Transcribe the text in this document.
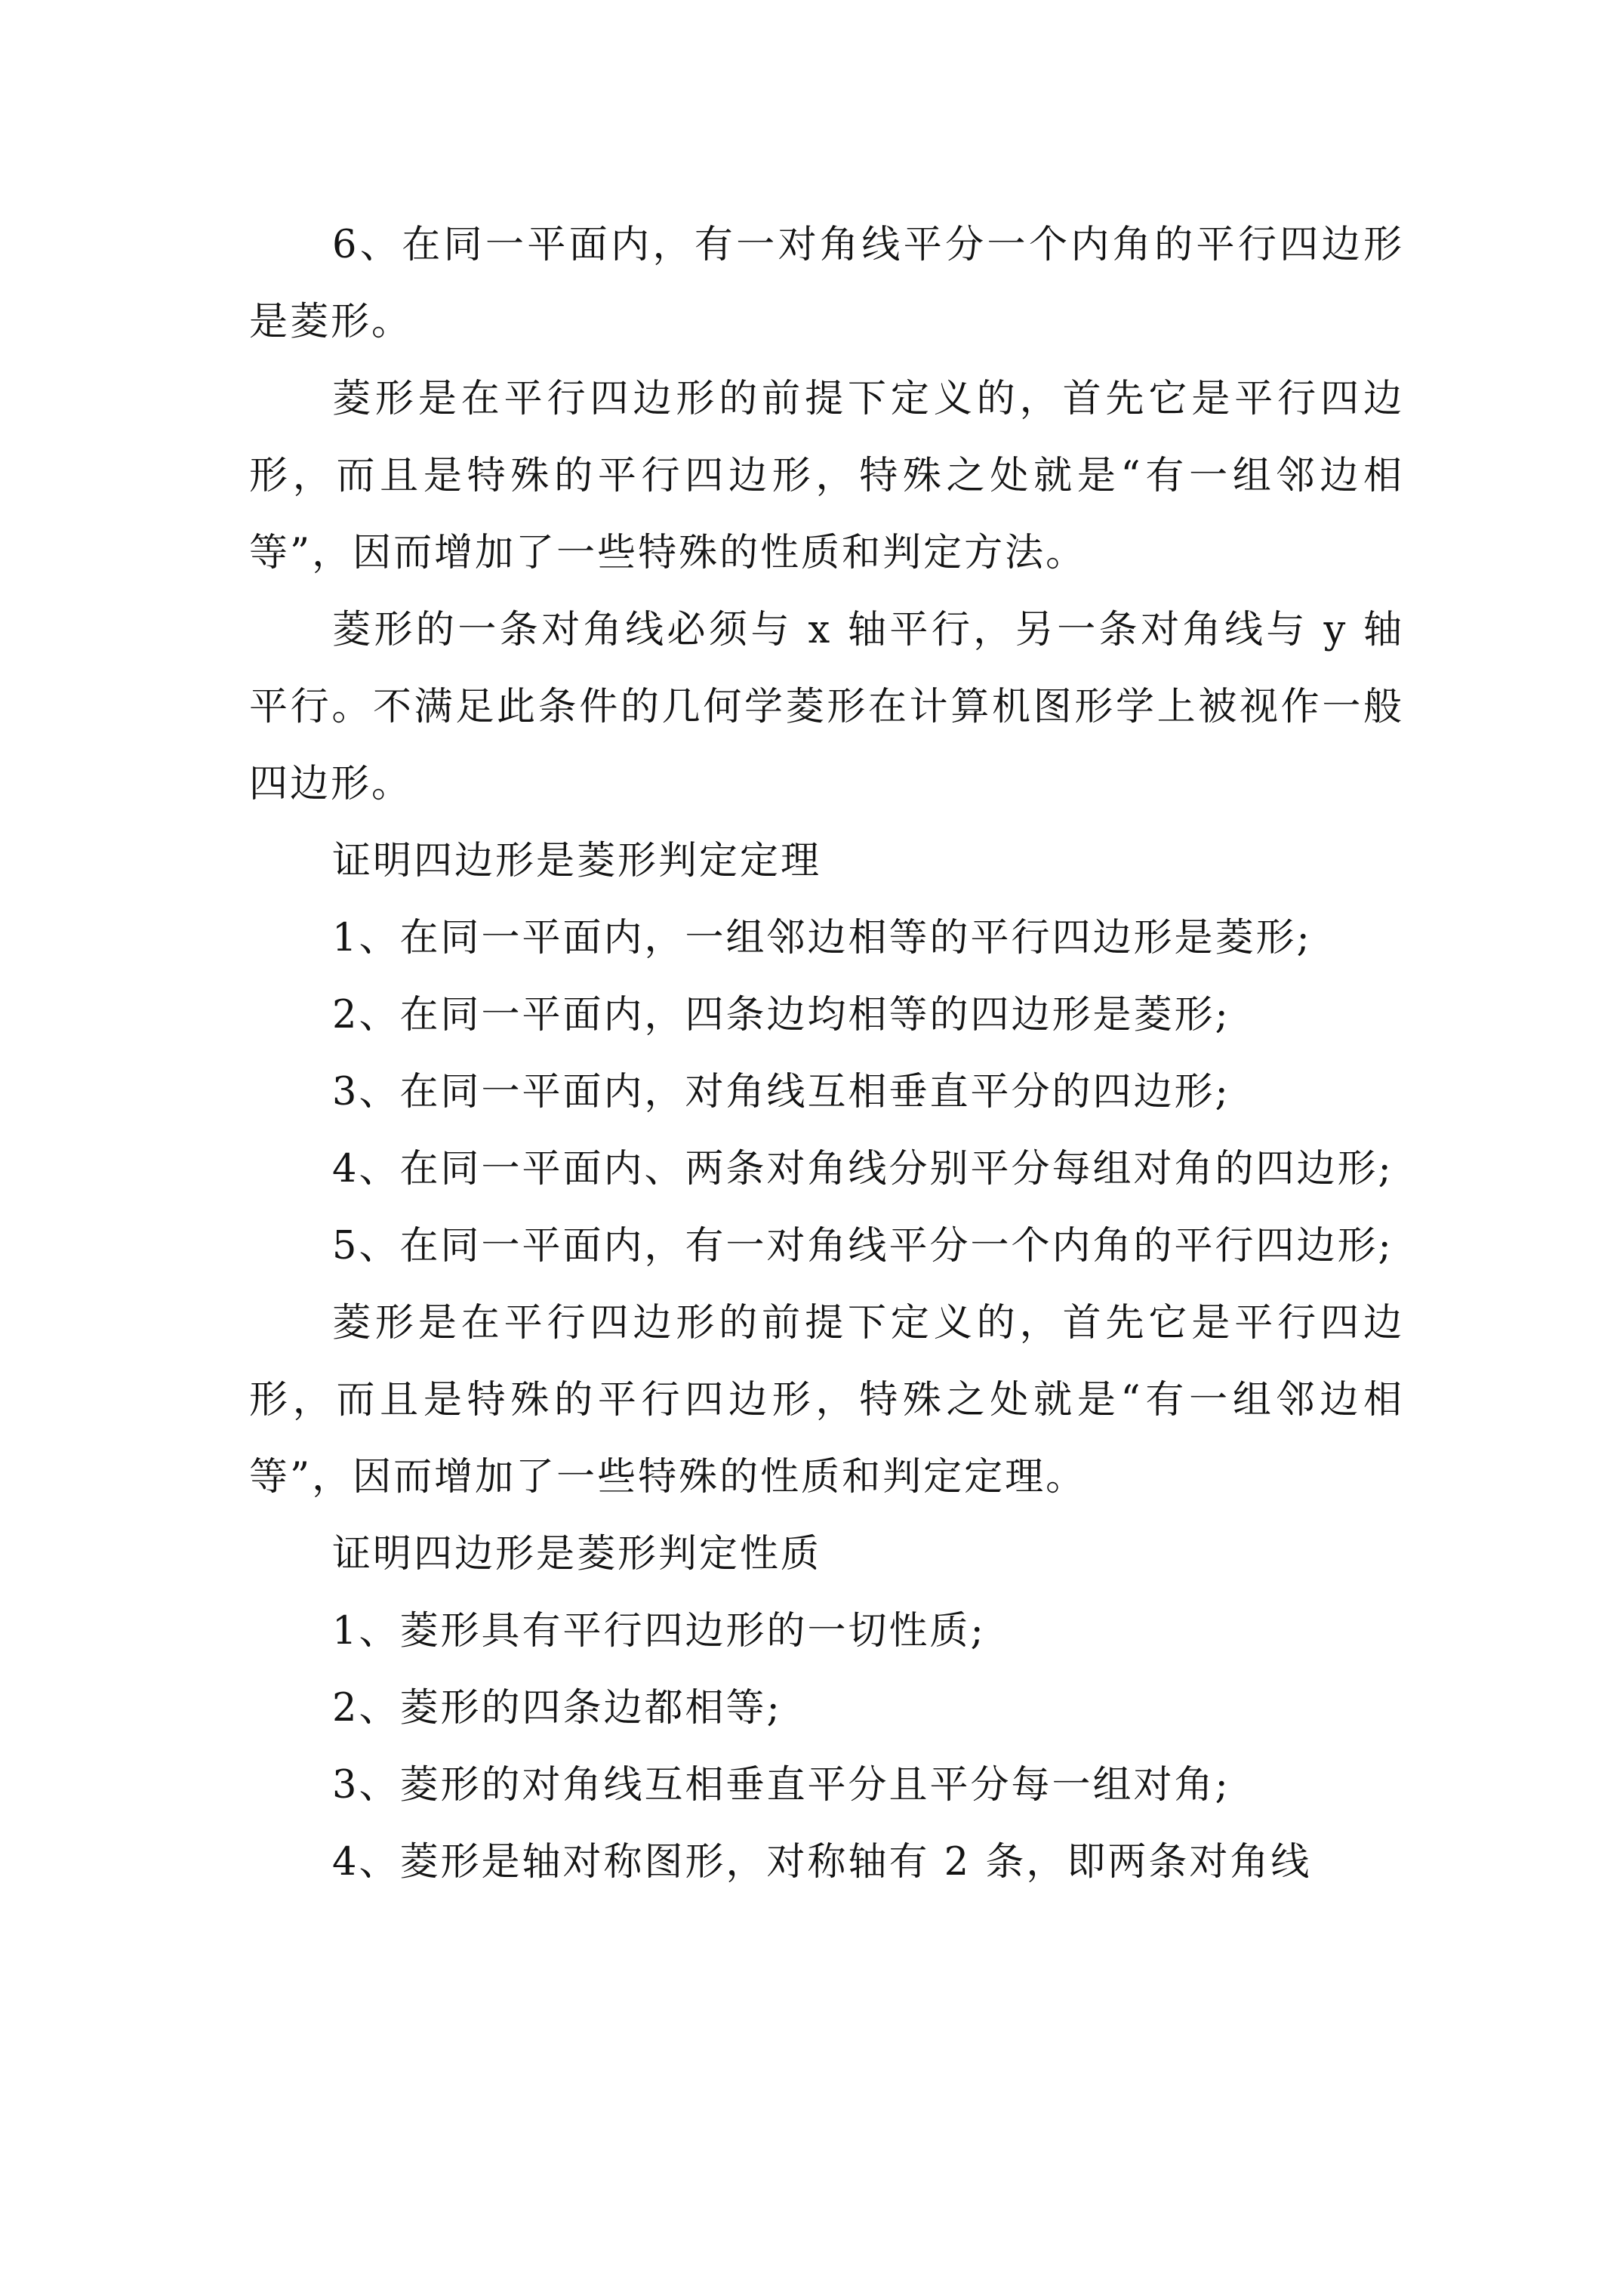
6、在同一平面内，有一对角线平分一个内角的平行四边形是菱形。

菱形是在平行四边形的前提下定义的，首先它是平行四边形，而且是特殊的平行四边形，特殊之处就是“有一组邻边相等”，因而增加了一些特殊的性质和判定方法。

菱形的一条对角线必须与 x 轴平行，另一条对角线与 y 轴平行。不满足此条件的几何学菱形在计算机图形学上被视作一般四边形。

证明四边形是菱形判定定理

1、在同一平面内，一组邻边相等的平行四边形是菱形;

2、在同一平面内，四条边均相等的四边形是菱形;

3、在同一平面内，对角线互相垂直平分的四边形;

4、在同一平面内、两条对角线分别平分每组对角的四边形;

5、在同一平面内，有一对角线平分一个内角的平行四边形;

菱形是在平行四边形的前提下定义的，首先它是平行四边形，而且是特殊的平行四边形，特殊之处就是“有一组邻边相等”，因而增加了一些特殊的性质和判定定理。

证明四边形是菱形判定性质

1、菱形具有平行四边形的一切性质;

2、菱形的四条边都相等;

3、菱形的对角线互相垂直平分且平分每一组对角;

4、菱形是轴对称图形，对称轴有 2 条，即两条对角线
